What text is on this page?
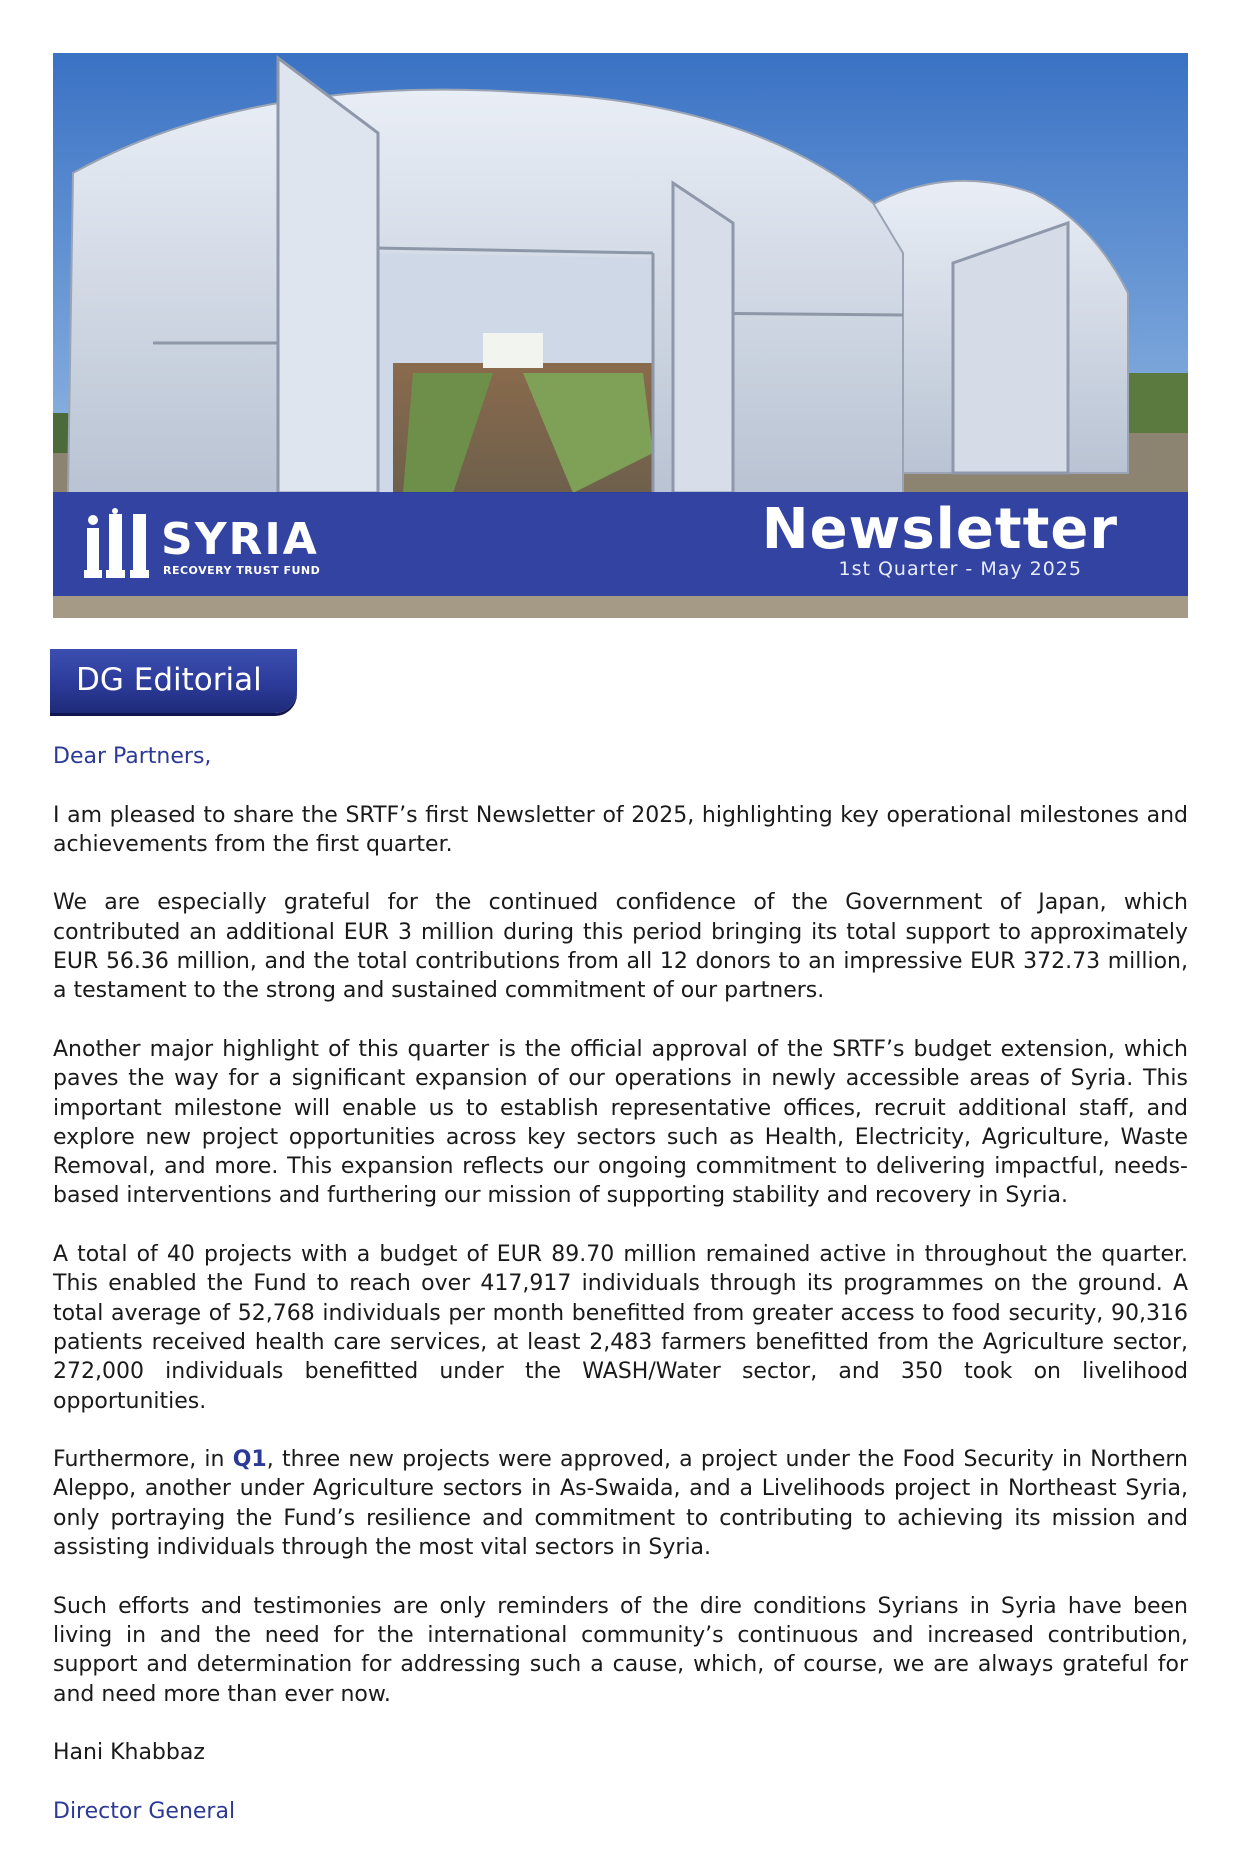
SYRIA
RECOVERY TRUST FUND
Newsletter
1st Quarter - May 2025
DG Editorial

Dear Partners,

I am pleased to share the SRTF’s first Newsletter of 2025, highlighting key operational milestones and achievements from the first quarter.

We are especially grateful for the continued confidence of the Government of Japan, which contributed an additional EUR 3 million during this period bringing its total support to approximately EUR 56.36 million, and the total contributions from all 12 donors to an impressive EUR 372.73 million, a testament to the strong and sustained commitment of our partners.

Another major highlight of this quarter is the official approval of the SRTF’s budget extension, which paves the way for a significant expansion of our operations in newly accessible areas of Syria. This important milestone will enable us to establish representative offices, recruit additional staff, and explore new project opportunities across key sectors such as Health, Electricity, Agriculture, Waste Removal, and more. This expansion reflects our ongoing commitment to delivering impactful, needs-based interventions and furthering our mission of supporting stability and recovery in Syria.

A total of 40 projects with a budget of EUR 89.70 million remained active in throughout the quarter. This enabled the Fund to reach over 417,917 individuals through its programmes on the ground. A total average of 52,768 individuals per month benefitted from greater access to food security, 90,316 patients received health care services, at least 2,483 farmers benefitted from the Agriculture sector, 272,000 individuals benefitted under the WASH/Water sector, and 350 took on livelihood opportunities.

Furthermore, in Q1, three new projects were approved, a project under the Food Security in Northern Aleppo, another under Agriculture sectors in As-Swaida, and a Livelihoods project in Northeast Syria, only portraying the Fund’s resilience and commitment to contributing to achieving its mission and assisting individuals through the most vital sectors in Syria.

Such efforts and testimonies are only reminders of the dire conditions Syrians in Syria have been living in and the need for the international community’s continuous and increased contribution, support and determination for addressing such a cause, which, of course, we are always grateful for and need more than ever now.

Hani Khabbaz

Director General
